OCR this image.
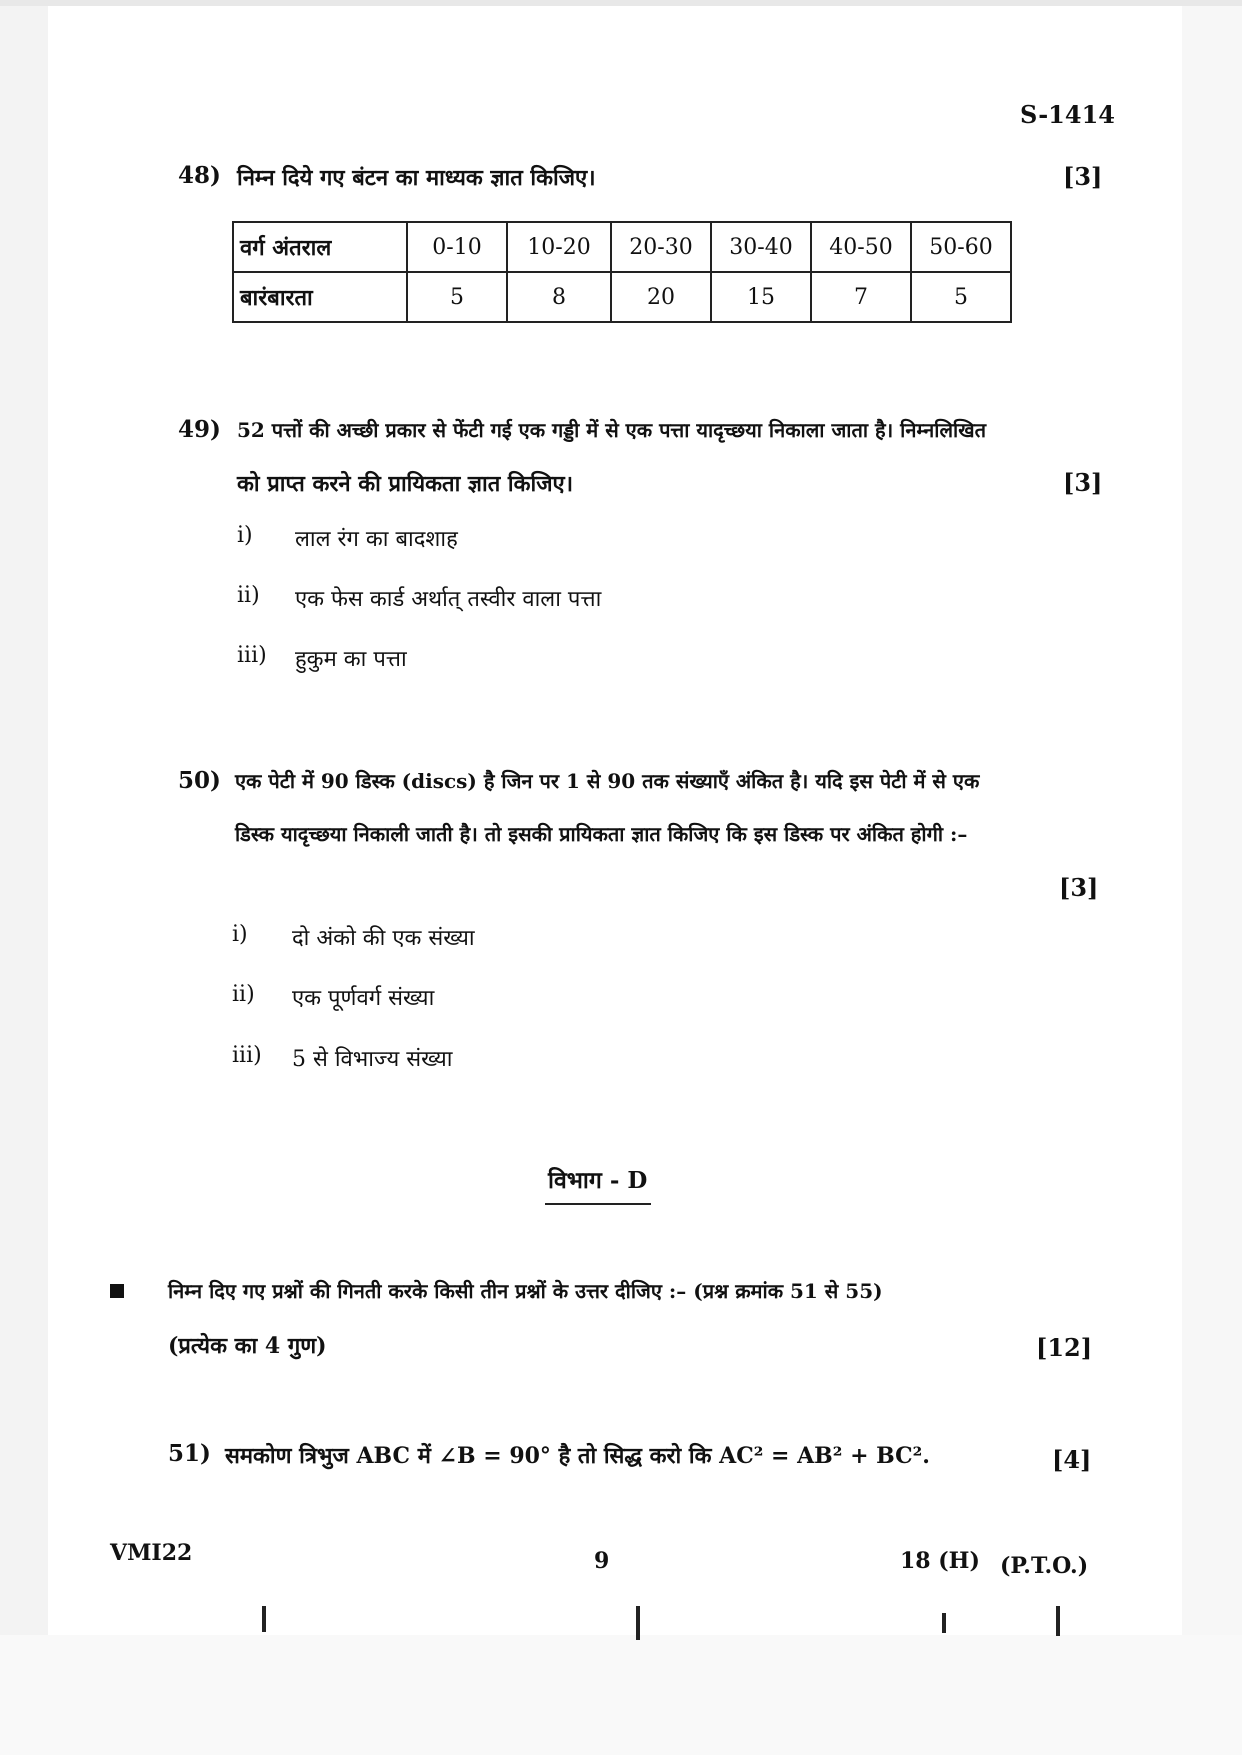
S-1414
48) निम्न दिये गए बंटन का माध्यक ज्ञात किजिए।	[3]
वर्ग अंतराल	0-10	10-20	20-30	30-40	40-50	50-60
बारंबारता	5	8	20	15	7	5
49) 52 पत्तों की अच्छी प्रकार से फेंटी गई एक गड्डी में से एक पत्ता यादृच्छया निकाला जाता है। निम्नलिखित
को प्राप्त करने की प्रायिकता ज्ञात किजिए।	[3]
i) लाल रंग का बादशाह
ii) एक फेस कार्ड अर्थात् तस्वीर वाला पत्ता
iii) हुकुम का पत्ता
50) एक पेटी में 90 डिस्क (discs) है जिन पर 1 से 90 तक संख्याएँ अंकित है। यदि इस पेटी में से एक
डिस्क यादृच्छया निकाली जाती है। तो इसकी प्रायिकता ज्ञात किजिए कि इस डिस्क पर अंकित होगी :–
[3]
i) दो अंको की एक संख्या
ii) एक पूर्णवर्ग संख्या
iii) 5 से विभाज्य संख्या
विभाग - D
निम्न दिए गए प्रश्नों की गिनती करके किसी तीन प्रश्नों के उत्तर दीजिए :– (प्रश्न क्रमांक 51 से 55)
(प्रत्येक का 4 गुण)	[12]
51) समकोण त्रिभुज ABC में ∠B = 90° है तो सिद्ध करो कि AC² = AB² + BC².	[4]
VMI22	9	18 (H) (P.T.O.)
